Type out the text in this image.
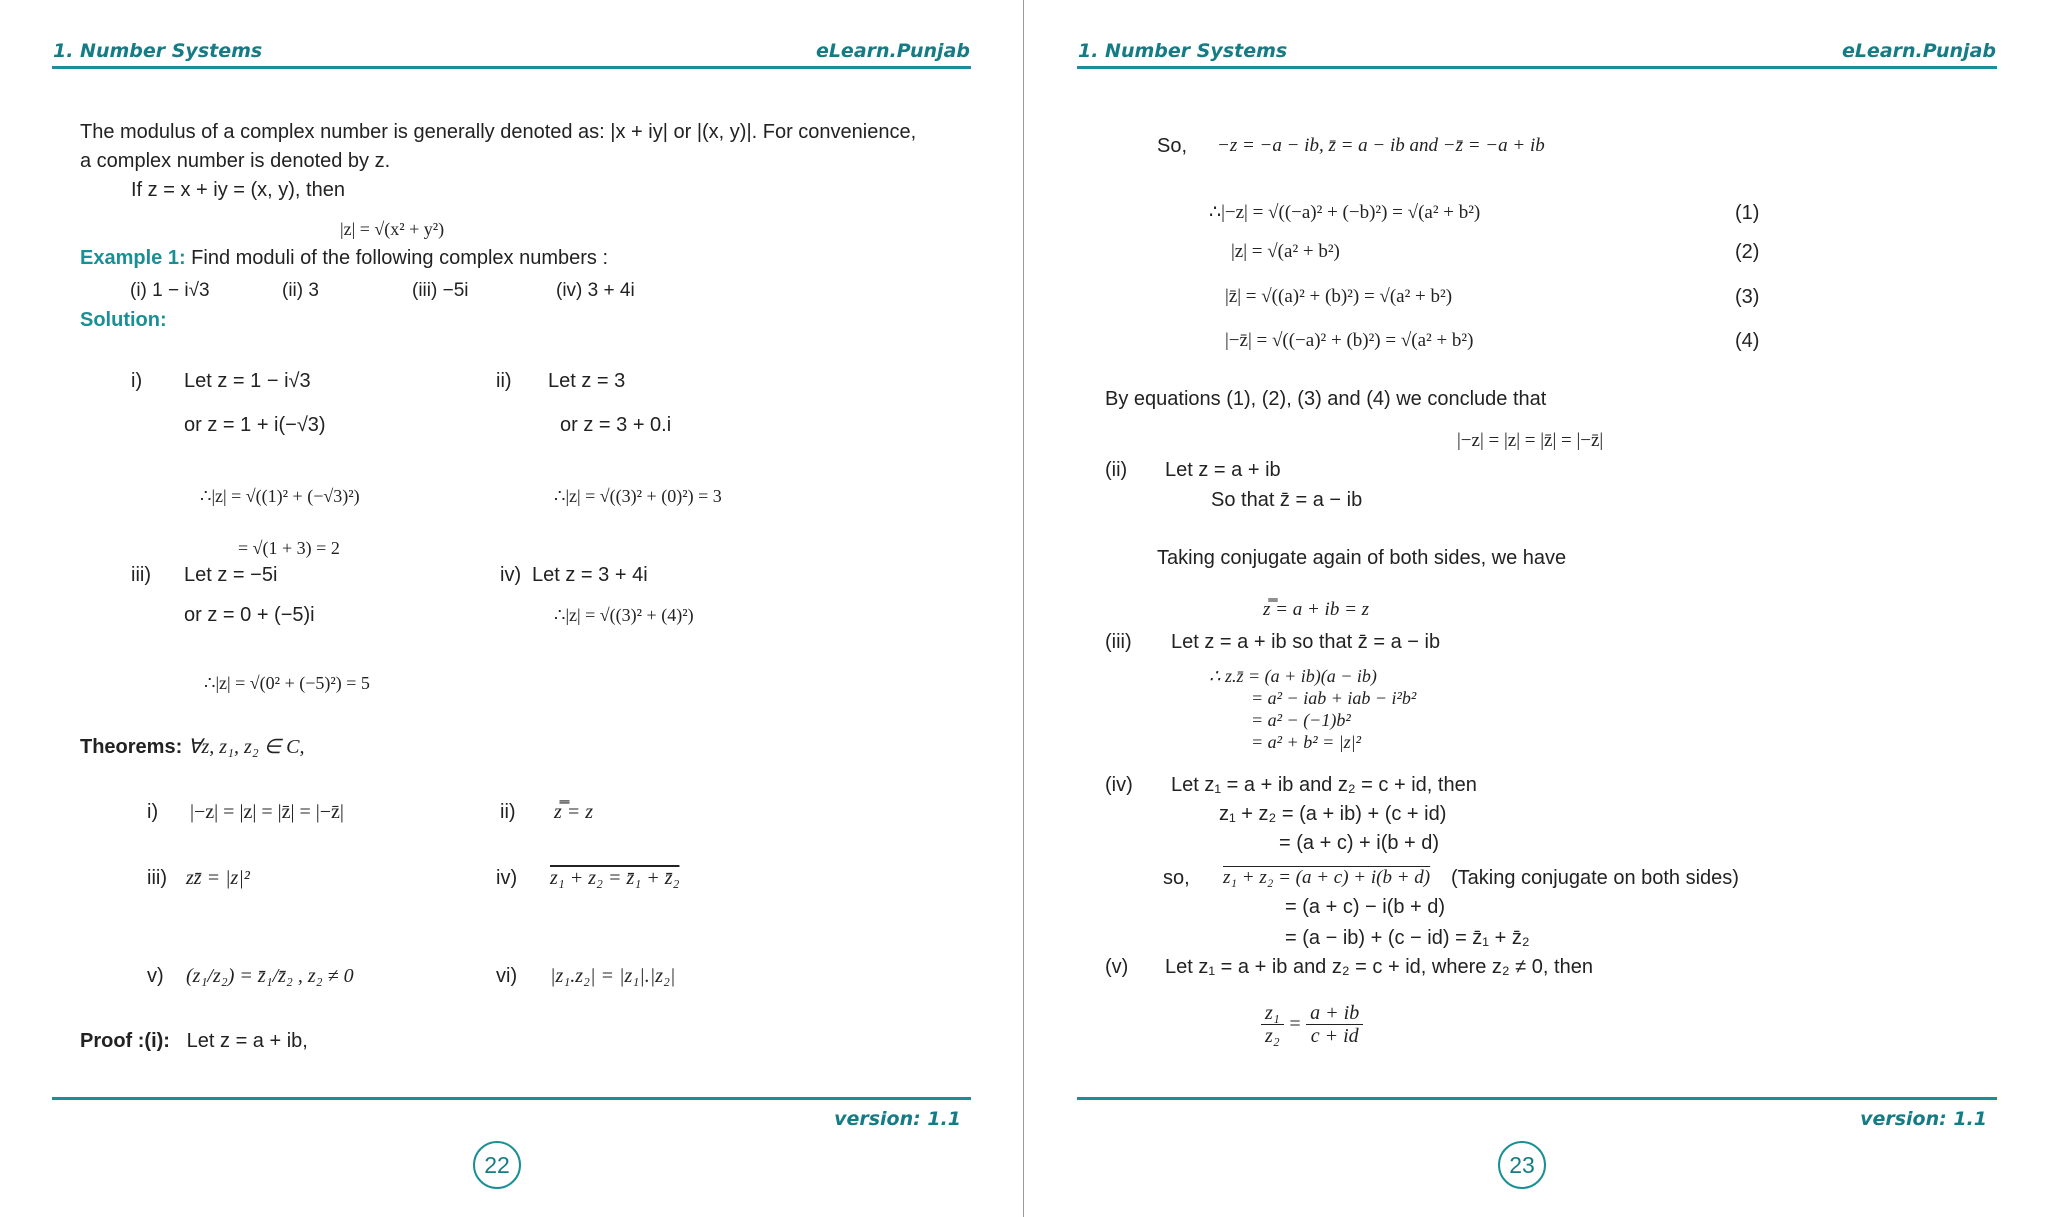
1. Number Systems	eLearn.Punjab
The modulus of a complex number is generally denoted as: |x + iy| or |(x, y)|. For convenience,
a complex number is denoted by z.
If z = x + iy = (x, y), then
|z| = √(x² + y²)
Example 1: Find moduli of the following complex numbers :
(i) 1 − i√3	(ii) 3	(iii) −5i	(iv) 3 + 4i
Solution:
i) Let z = 1 − i√3
or z = 1 + i(−√3)
∴|z| = √((1)² + (−√3)²)
= √(1 + 3) = 2
ii) Let z = 3
or z = 3 + 0.i
∴|z| = √((3)² + (0)²) = 3
iii) Let z = −5i
or z = 0 + (−5)i
∴|z| = √(0² + (−5)²) = 5
iv) Let z = 3 + 4i
∴|z| = √((3)² + (4)²)
Theorems: ∀z, z₁, z₂ ∈ C,
i) |−z| = |z| = |z̄| = |−z̄|	ii) z̿ = z
iii) zz̄ = |z|²	iv) z₁ + z₂ = z̄₁ + z̄₂
v) (z₁/z₂) = z̄₁/z̄₂ , z₂ ≠ 0	vi) |z₁.z₂| = |z₁|.|z₂|
Proof :(i): Let z = a + ib,
version: 1.1
22
1. Number Systems	eLearn.Punjab
So, −z = −a − ib, z̄ = a − ib and −z̄ = −a + ib
∴|−z| = √((−a)² + (−b)²) = √(a² + b²)	(1)
|z| = √(a² + b²)	(2)
|z̄| = √((a)² + (b)²) = √(a² + b²)	(3)
|−z̄| = √((−a)² + (b)²) = √(a² + b²)	(4)
By equations (1), (2), (3) and (4) we conclude that
|−z| = |z| = |z̄| = |−z̄|
(ii) Let z = a + ib
So that z̄ = a − ib
Taking conjugate again of both sides, we have
z̿ = a + ib = z
(iii) Let z = a + ib so that z̄ = a − ib
∴ z.z̄ = (a + ib)(a − ib)
= a² − iab + iab − i²b²
= a² − (−1)b²
= a² + b² = |z|²
(iv) Let z₁ = a + ib and z₂ = c + id, then
z₁ + z₂ = (a + ib) + (c + id)
= (a + c) + i(b + d)
so, z₁ + z₂ = (a + c) + i(b + d) (Taking conjugate on both sides)
= (a + c) − i(b + d)
= (a − ib) + (c − id) = z̄₁ + z̄₂
(v) Let z₁ = a + ib and z₂ = c + id, where z₂ ≠ 0, then
$\frac{\text{z₁}}{\text{z₂}} = \frac{a + ib}{c + id}$
version: 1.1
23
